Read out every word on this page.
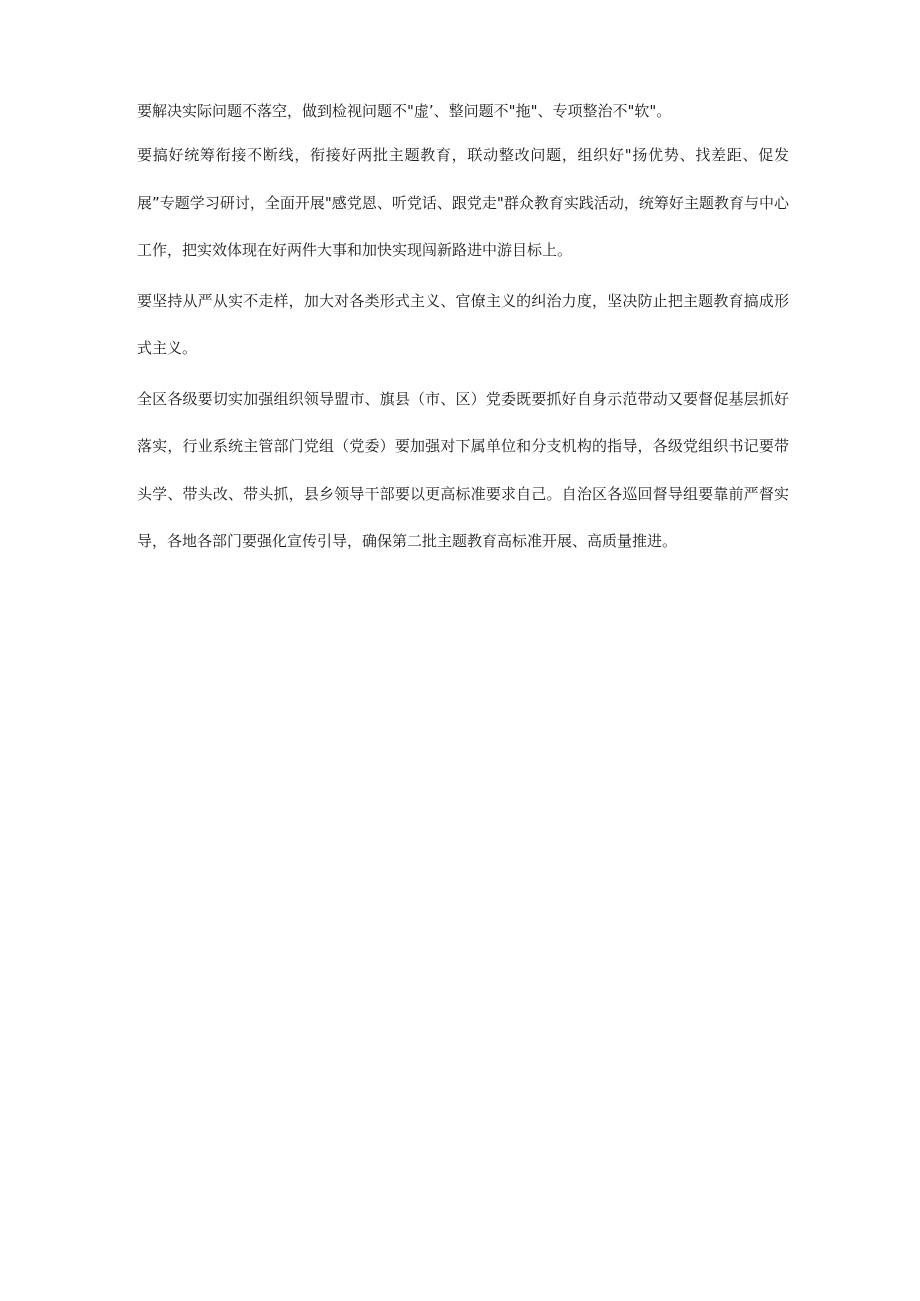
要解决实际问题不落空，做到检视问题不"虚’、整问题不"拖"、专项整治不"软"。

要搞好统筹衔接不断线，衔接好两批主题教育，联动整改问题，组织好"扬优势、找差距、促发展”专题学习研讨，全面开展"感党恩、听党话、跟党走"群众教育实践活动，统筹好主题教育与中心工作，把实效体现在好两件大事和加快实现闯新路进中游目标上。

要坚持从严从实不走样，加大对各类形式主义、官僚主义的纠治力度，坚决防止把主题教育搞成形式主义。

全区各级要切实加强组织领导盟市、旗县（市、区）党委既要抓好自身示范带动又要督促基层抓好落实，行业系统主管部门党组（党委）要加强对下属单位和分支机构的指导，各级党组织书记要带头学、带头改、带头抓，县乡领导干部要以更高标准要求自己。自治区各巡回督导组要靠前严督实导，各地各部门要强化宣传引导，确保第二批主题教育高标准开展、高质量推进。
